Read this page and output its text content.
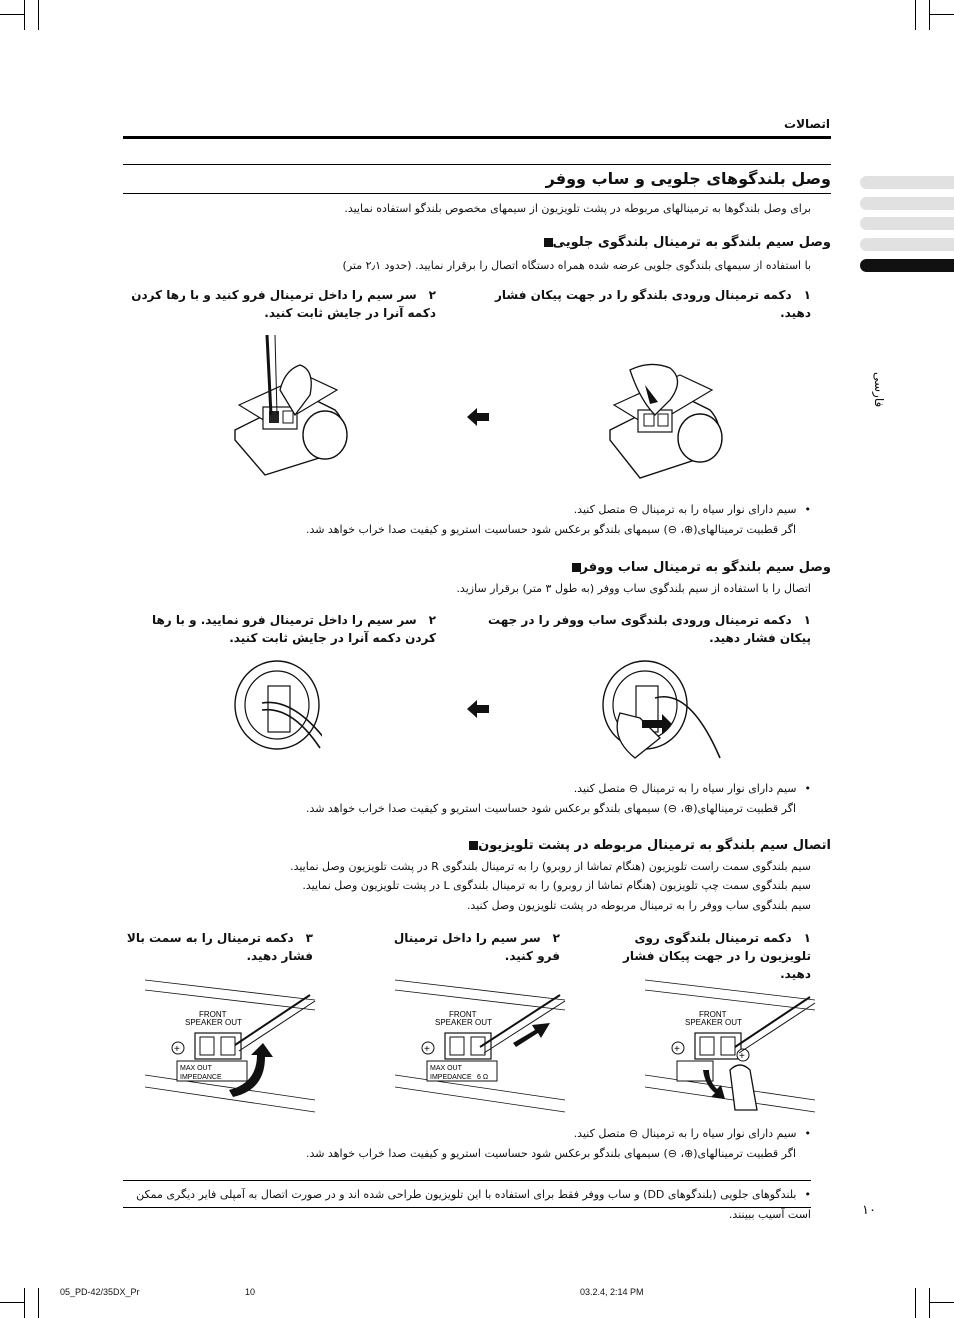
اتصالات
وصل بلندگوهای جلویی و ساب ووفر
برای وصل بلندگوها به ترمینالهای مربوطه در پشت تلویزیون از سیمهای مخصوص بلندگو استفاده نمایید.
فارسی
وصل سیم بلندگو به ترمینال بلندگوی جلویی
با استفاده از سیمهای بلندگوی جلویی عرضه شده همراه دستگاه اتصال را برقرار نمایید. (حدود ۲٫۱ متر)
۱دکمه ترمینال ورودی بلندگو را در جهت پیکان فشار دهید.
۲سر سیم را داخل ترمینال فرو کنید و با رها کردن دکمه آنرا در جایش ثابت کنید.
• سیم دارای نوار سیاه را به ترمینال ⊖ متصل کنید.
اگر قطبیت ترمینالهای(⊕، ⊖) سیمهای بلندگو برعکس شود حساسیت استریو و کیفیت صدا خراب خواهد شد.
وصل سیم بلندگو به ترمینال ساب ووفر
اتصال را با استفاده از سیم بلندگوی ساب ووفر (به طول ۳ متر) برقرار سازید.
۱دکمه ترمینال ورودی بلندگوی ساب ووفر را در جهت پیکان فشار دهید.
۲سر سیم را داخل ترمینال فرو نمایید. و با رها کردن دکمه آنرا در جایش ثابت کنید.
• سیم دارای نوار سیاه را به ترمینال ⊖ متصل کنید.
اگر قطبیت ترمینالهای(⊕، ⊖) سیمهای بلندگو برعکس شود حساسیت استریو و کیفیت صدا خراب خواهد شد.
اتصال سیم بلندگو به ترمینال مربوطه در پشت تلویزیون
سیم بلندگوی سمت راست تلویزیون (هنگام تماشا از روبرو) را به ترمینال بلندگوی R در پشت تلویزیون وصل نمایید.
سیم بلندگوی سمت چپ تلویزیون (هنگام تماشا از روبرو) را به ترمینال بلندگوی L در پشت تلویزیون وصل نمایید.
سیم بلندگوی ساب ووفر را به ترمینال مربوطه در پشت تلویزیون وصل کنید.
۱دکمه ترمینال بلندگوی روی تلویزیون را در جهت پیکان فشار دهید.
۲سر سیم را داخل ترمینال فرو کنید.
۳دکمه ترمینال را به سمت بالا فشار دهید.
+
FRONT
SPEAKER OUT
MAX OUT
IMPEDANCE
+
FRONT
SPEAKER OUT
MAX OUT
IMPEDANCE 6 Ω
+
+
FRONT
SPEAKER OUT
• سیم دارای نوار سیاه را به ترمینال ⊖ متصل کنید.
اگر قطبیت ترمینالهای(⊕، ⊖) سیمهای بلندگو برعکس شود حساسیت استریو و کیفیت صدا خراب خواهد شد.
• بلندگوهای جلویی (بلندگوهای DD) و ساب ووفر فقط برای استفاده با این تلویزیون طراحی شده اند و در صورت اتصال به آمپلی فایر دیگری ممکن است آسیب ببینند.	۱۰
05_PD-42/35DX_Pr	10	03.2.4, 2:14 PM
